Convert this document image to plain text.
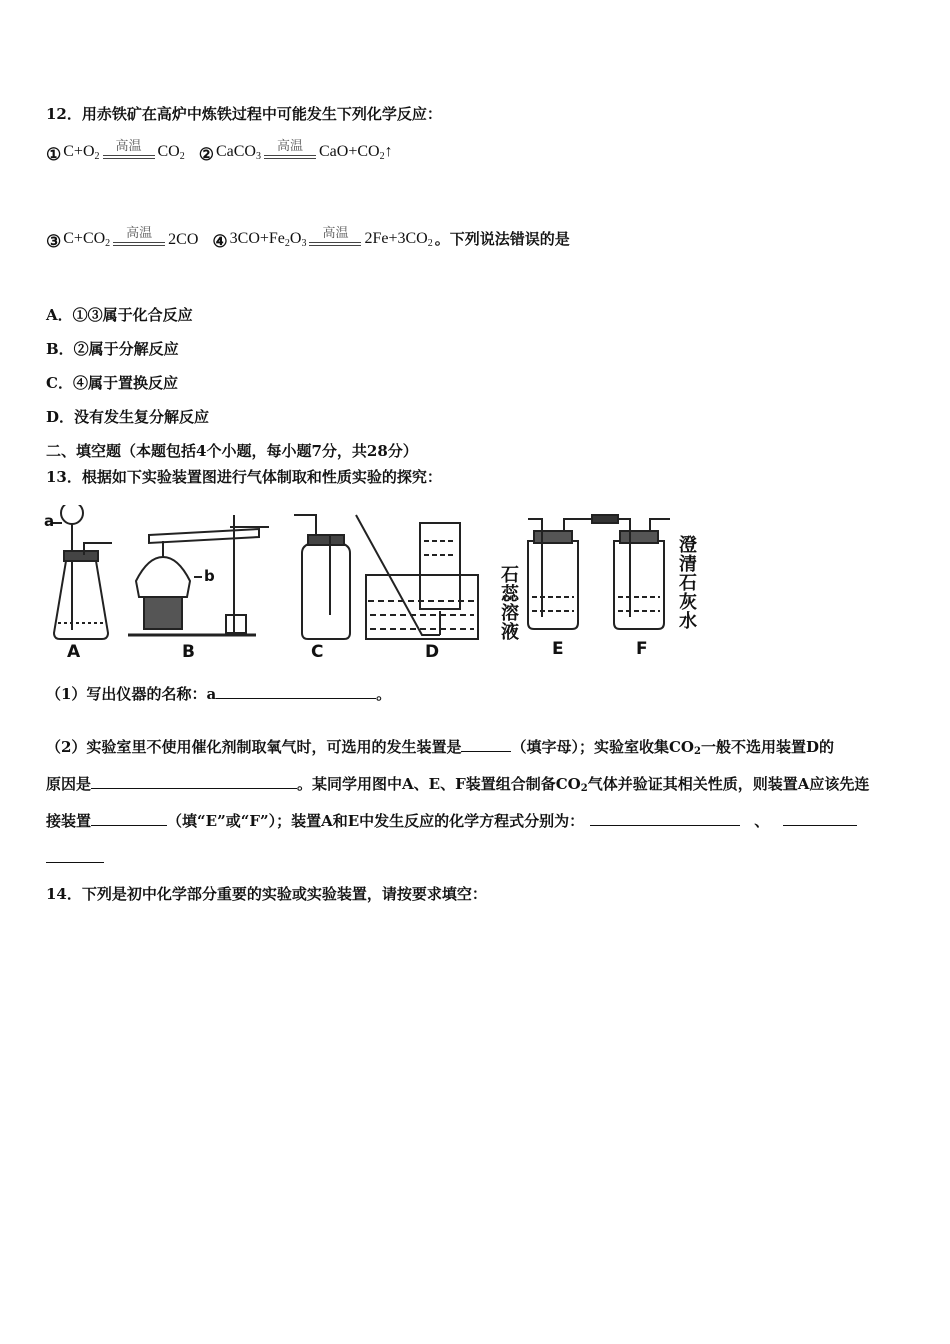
12．用赤铁矿在高炉中炼铁过程中可能发生下列化学反应：
① $C+O_2$
高温 $CO_2$ ② CaCO$_3$
高温 $CaO+CO_2↑$
③ $C+CO_2$
高温 2CO ④ $3CO+Fe_2O_3$
高温 $2Fe+3CO_2$ 。下列说法错误的是
A．①③属于化合反应
B．②属于分解反应
C．④属于置换反应
D．没有发生复分解反应
二、填空题（本题包括4个小题，每小题7分，共28分）
13．根据如下实验装置图进行气体制取和性质实验的探究：
a
b
A	B	C	D	E	F
石蕊溶液	澄清石灰水
（1）写出仪器的名称：a	。
（2）实验室里不使用催化剂制取氧气时，可选用的发生装置是	（填字母）；实验室收集CO2一般不选用装置D的
原因是	。某同学用图中A、E、F装置组合制备CO2气体并验证其相关性质，则装置A应该先连
接装置	（填“E”或“F”）；装置A和E中发生反应的化学方程式分别为：	、
14．下列是初中化学部分重要的实验或实验装置，请按要求填空：
